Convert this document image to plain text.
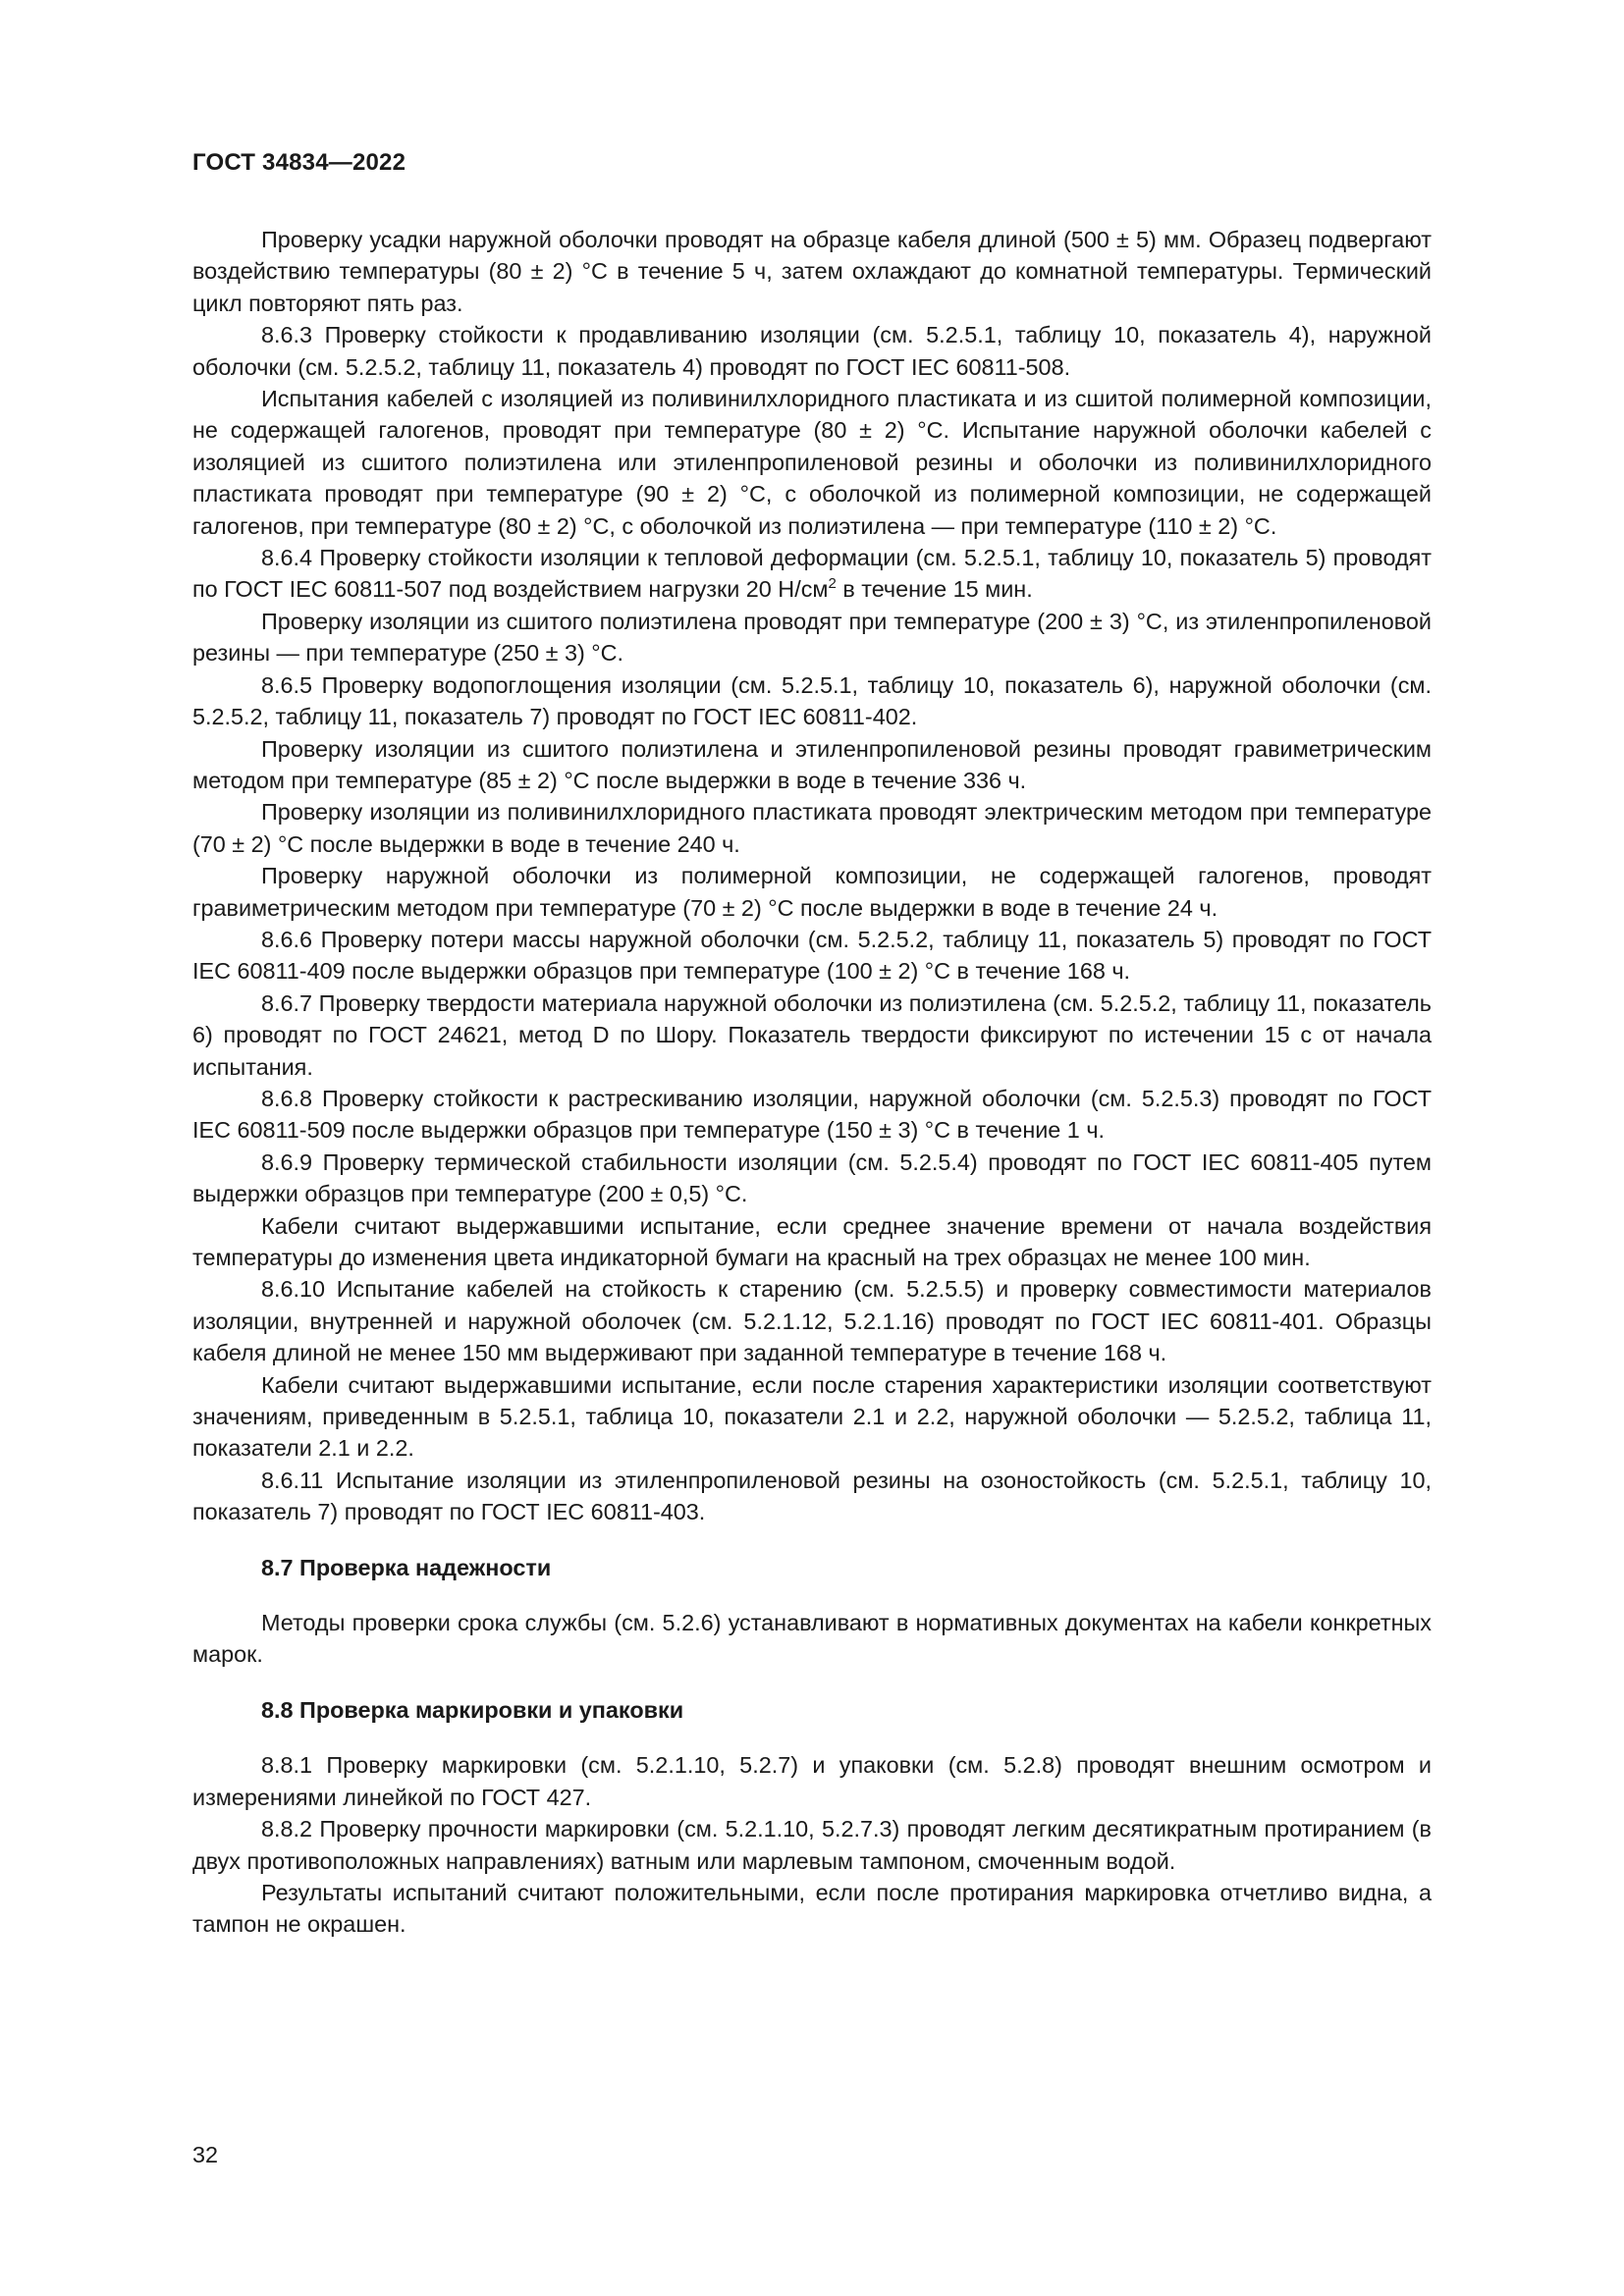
ГОСТ 34834—2022

Проверку усадки наружной оболочки проводят на образце кабеля длиной (500 ± 5) мм. Образец подвергают воздействию температуры (80 ± 2) °С в течение 5 ч, затем охлаждают до комнатной температуры. Термический цикл повторяют пять раз.

8.6.3 Проверку стойкости к продавливанию изоляции (см. 5.2.5.1, таблицу 10, показатель 4), наружной оболочки (см. 5.2.5.2, таблицу 11, показатель 4) проводят по ГОСТ IEC 60811-508.

Испытания кабелей с изоляцией из поливинилхлоридного пластиката и из сшитой полимерной композиции, не содержащей галогенов, проводят при температуре (80 ± 2) °С. Испытание наружной оболочки кабелей с изоляцией из сшитого полиэтилена или этиленпропиленовой резины и оболочки из поливинилхлоридного пластиката проводят при температуре (90 ± 2) °С, с оболочкой из полимерной композиции, не содержащей галогенов, при температуре (80 ± 2) °С, с оболочкой из полиэтилена — при температуре (110 ± 2) °С.

8.6.4 Проверку стойкости изоляции к тепловой деформации (см. 5.2.5.1, таблицу 10, показатель 5) проводят по ГОСТ IEC 60811-507 под воздействием нагрузки 20 $Н/см^2$ в течение 15 мин.

Проверку изоляции из сшитого полиэтилена проводят при температуре (200 ± 3) °С, из этиленпропиленовой резины — при температуре (250 ± 3) °С.

8.6.5 Проверку водопоглощения изоляции (см. 5.2.5.1, таблицу 10, показатель 6), наружной оболочки (см. 5.2.5.2, таблицу 11, показатель 7) проводят по ГОСТ IEC 60811-402.

Проверку изоляции из сшитого полиэтилена и этиленпропиленовой резины проводят гравиметрическим методом при температуре (85 ± 2) °С после выдержки в воде в течение 336 ч.

Проверку изоляции из поливинилхлоридного пластиката проводят электрическим методом при температуре (70 ± 2) °С после выдержки в воде в течение 240 ч.

Проверку наружной оболочки из полимерной композиции, не содержащей галогенов, проводят гравиметрическим методом при температуре (70 ± 2) °С после выдержки в воде в течение 24 ч.

8.6.6 Проверку потери массы наружной оболочки (см. 5.2.5.2, таблицу 11, показатель 5) проводят по ГОСТ IEC 60811-409 после выдержки образцов при температуре (100 ± 2) °С в течение 168 ч.

8.6.7 Проверку твердости материала наружной оболочки из полиэтилена (см. 5.2.5.2, таблицу 11, показатель 6) проводят по ГОСТ 24621, метод D по Шору. Показатель твердости фиксируют по истечении 15 с от начала испытания.

8.6.8 Проверку стойкости к растрескиванию изоляции, наружной оболочки (см. 5.2.5.3) проводят по ГОСТ IEC 60811-509 после выдержки образцов при температуре (150 ± 3) °С в течение 1 ч.

8.6.9 Проверку термической стабильности изоляции (см. 5.2.5.4) проводят по ГОСТ IEC 60811-405 путем выдержки образцов при температуре (200 ± 0,5) °С.

Кабели считают выдержавшими испытание, если среднее значение времени от начала воздействия температуры до изменения цвета индикаторной бумаги на красный на трех образцах не менее 100 мин.

8.6.10 Испытание кабелей на стойкость к старению (см. 5.2.5.5) и проверку совместимости материалов изоляции, внутренней и наружной оболочек (см. 5.2.1.12, 5.2.1.16) проводят по ГОСТ IEC 60811-401. Образцы кабеля длиной не менее 150 мм выдерживают при заданной температуре в течение 168 ч.

Кабели считают выдержавшими испытание, если после старения характеристики изоляции соответствуют значениям, приведенным в 5.2.5.1, таблица 10, показатели 2.1 и 2.2, наружной оболочки — 5.2.5.2, таблица 11, показатели 2.1 и 2.2.

8.6.11 Испытание изоляции из этиленпропиленовой резины на озоностойкость (см. 5.2.5.1, таблицу 10, показатель 7) проводят по ГОСТ IEC 60811-403.

8.7 Проверка надежности

Методы проверки срока службы (см. 5.2.6) устанавливают в нормативных документах на кабели конкретных марок.

8.8 Проверка маркировки и упаковки

8.8.1 Проверку маркировки (см. 5.2.1.10, 5.2.7) и упаковки (см. 5.2.8) проводят внешним осмотром и измерениями линейкой по ГОСТ 427.

8.8.2 Проверку прочности маркировки (см. 5.2.1.10, 5.2.7.3) проводят легким десятикратным протиранием (в двух противоположных направлениях) ватным или марлевым тампоном, смоченным водой.

Результаты испытаний считают положительными, если после протирания маркировка отчетливо видна, а тампон не окрашен.

32
